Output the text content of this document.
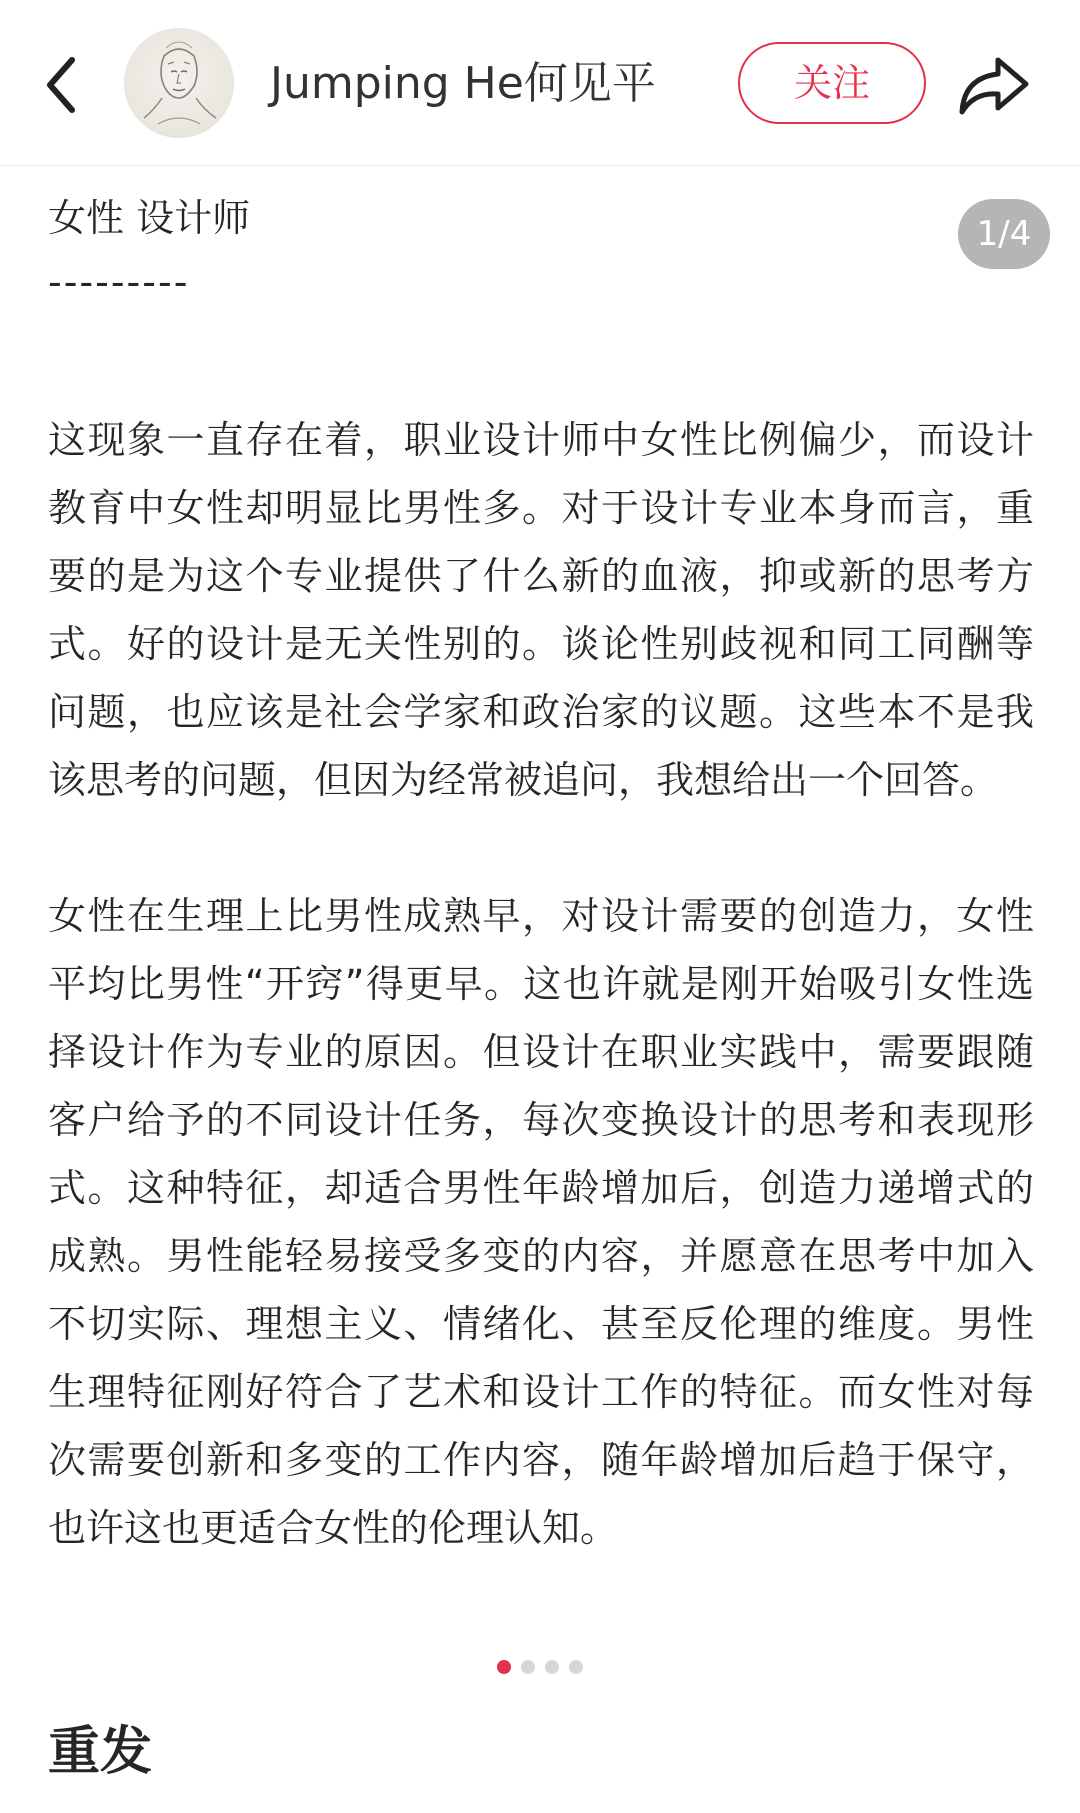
Jumping He何见平	关注
1/4

女性 设计师

---------

这现象一直存在着，职业设计师中女性比例偏少，而设计教育中女性却明显比男性多。对于设计专业本身而言，重要的是为这个专业提供了什么新的血液，抑或新的思考方式。好的设计是无关性别的。谈论性别歧视和同工同酬等问题，也应该是社会学家和政治家的议题。这些本不是我该思考的问题，但因为经常被追问，我想给出一个回答。

女性在生理上比男性成熟早，对设计需要的创造力，女性平均比男性“开窍”得更早。这也许就是刚开始吸引女性选择设计作为专业的原因。但设计在职业实践中，需要跟随客户给予的不同设计任务，每次变换设计的思考和表现形式。这种特征，却适合男性年龄增加后，创造力递增式的成熟。男性能轻易接受多变的内容，并愿意在思考中加入不切实际、理想主义、情绪化、甚至反伦理的维度。男性生理特征刚好符合了艺术和设计工作的特征。而女性对每次需要创新和多变的工作内容，随年龄增加后趋于保守，也许这也更适合女性的伦理认知。

重发
